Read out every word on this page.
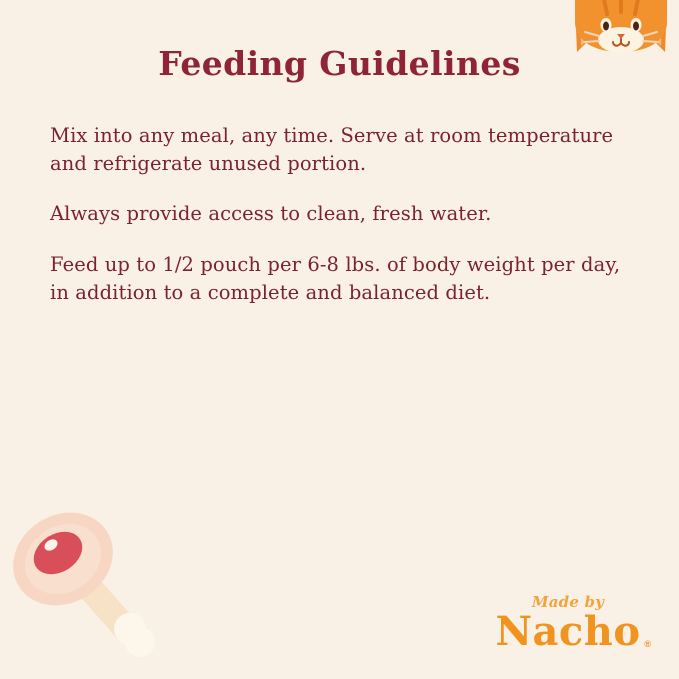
Feeding Guidelines

Mix into any meal, any time. Serve at room temperature and refrigerate unused portion.

Always provide access to clean, fresh water.

Feed up to 1/2 pouch per 6-8 lbs. of body weight per day, in addition to a complete and balanced diet.

Made by
Nacho ®
